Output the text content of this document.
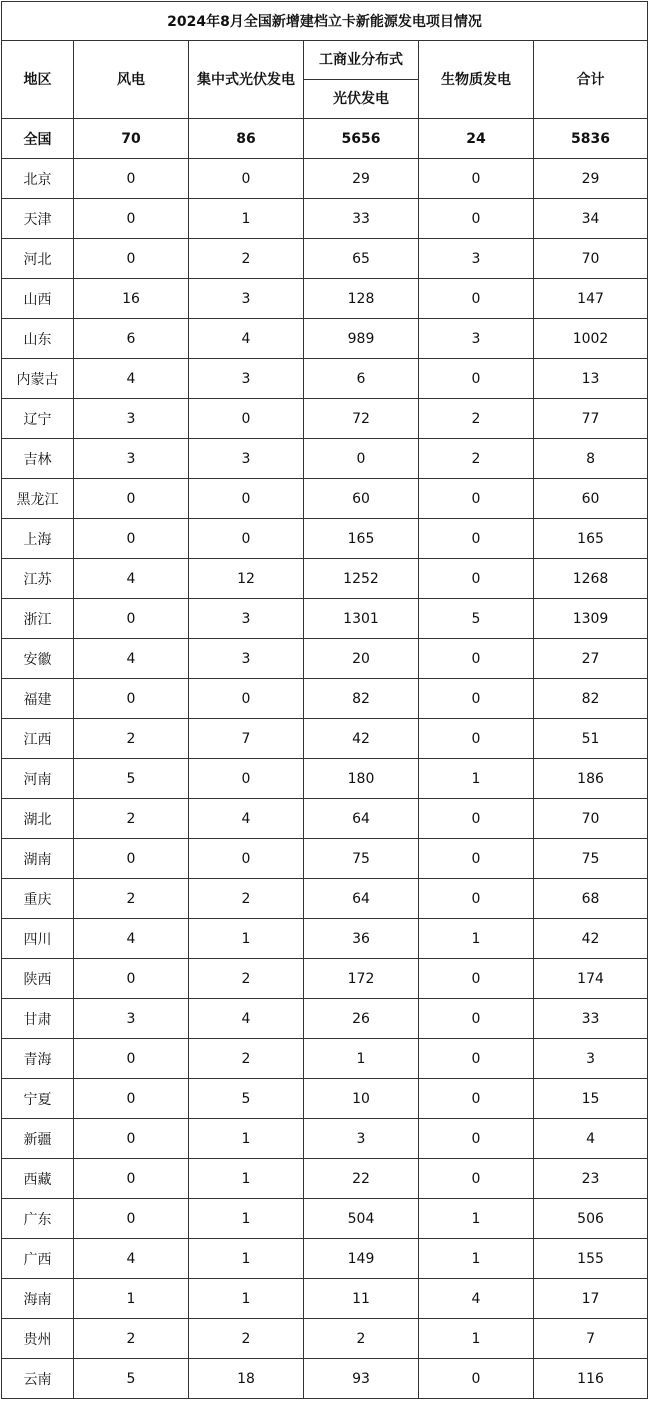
2024年8月全国新增建档立卡新能源发电项目情况					
地区	风电	集中式光伏发电	工商业分布式	生物质发电	合计
			光伏发电		
全国	70	86	5656	24	5836
北京	0	0	29	0	29
天津	0	1	33	0	34
河北	0	2	65	3	70
山西	16	3	128	0	147
山东	6	4	989	3	1002
内蒙古	4	3	6	0	13
辽宁	3	0	72	2	77
吉林	3	3	0	2	8
黑龙江	0	0	60	0	60
上海	0	0	165	0	165
江苏	4	12	1252	0	1268
浙江	0	3	1301	5	1309
安徽	4	3	20	0	27
福建	0	0	82	0	82
江西	2	7	42	0	51
河南	5	0	180	1	186
湖北	2	4	64	0	70
湖南	0	0	75	0	75
重庆	2	2	64	0	68
四川	4	1	36	1	42
陕西	0	2	172	0	174
甘肃	3	4	26	0	33
青海	0	2	1	0	3
宁夏	0	5	10	0	15
新疆	0	1	3	0	4
西藏	0	1	22	0	23
广东	0	1	504	1	506
广西	4	1	149	1	155
海南	1	1	11	4	17
贵州	2	2	2	1	7
云南	5	18	93	0	116
